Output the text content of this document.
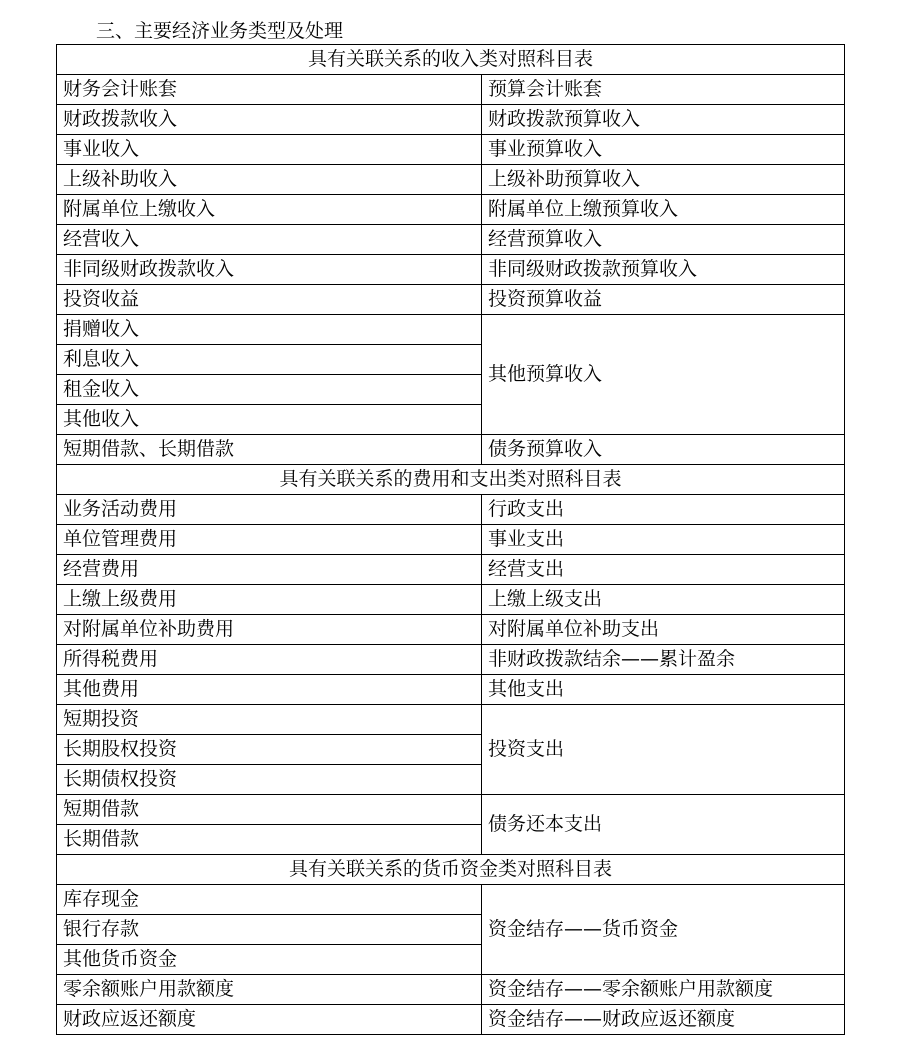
三、主要经济业务类型及处理
具有关联关系的收入类对照科目表	
财务会计账套	预算会计账套
财政拨款收入	财政拨款预算收入
事业收入	事业预算收入
上级补助收入	上级补助预算收入
附属单位上缴收入	附属单位上缴预算收入
经营收入	经营预算收入
非同级财政拨款收入	非同级财政拨款预算收入
投资收益	投资预算收益
捐赠收入	其他预算收入
利息收入	
租金收入	
其他收入	
短期借款、长期借款	债务预算收入
具有关联关系的费用和支出类对照科目表	
业务活动费用	行政支出
单位管理费用	事业支出
经营费用	经营支出
上缴上级费用	上缴上级支出
对附属单位补助费用	对附属单位补助支出
所得税费用	非财政拨款结余——累计盈余
其他费用	其他支出
短期投资	投资支出
长期股权投资	
长期债权投资	
短期借款	债务还本支出
长期借款	
具有关联关系的货币资金类对照科目表	
库存现金	资金结存——货币资金
银行存款	
其他货币资金	
零余额账户用款额度	资金结存——零余额账户用款额度
财政应返还额度	资金结存——财政应返还额度
